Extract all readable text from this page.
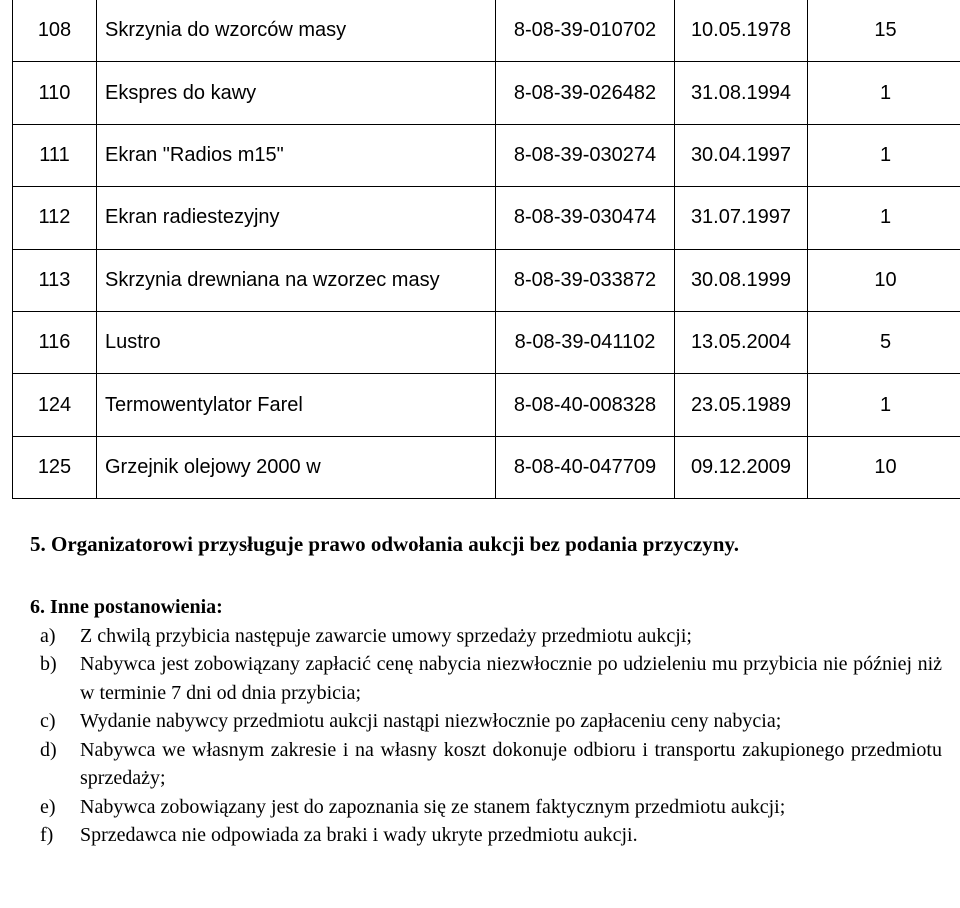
108	Skrzynia do wzorców masy	8-08-39-010702	10.05.1978	15
110	Ekspres do kawy	8-08-39-026482	31.08.1994	1
111	Ekran "Radios m15"	8-08-39-030274	30.04.1997	1
112	Ekran radiestezyjny	8-08-39-030474	31.07.1997	1
113	Skrzynia drewniana na wzorzec masy	8-08-39-033872	30.08.1999	10
116	Lustro	8-08-39-041102	13.05.2004	5
124	Termowentylator Farel	8-08-40-008328	23.05.1989	1
125	Grzejnik olejowy 2000 w	8-08-40-047709	09.12.2009	10

5. Organizatorowi przysługuje prawo odwołania aukcji bez podania przyczyny.

6. Inne postanowienia:

a)	Z chwilą przybicia następuje zawarcie umowy sprzedaży przedmiotu aukcji;
b)	Nabywca jest zobowiązany zapłacić cenę nabycia niezwłocznie po udzieleniu mu przybicia nie później niż w terminie 7 dni od dnia przybicia;
c)	Wydanie nabywcy przedmiotu aukcji nastąpi niezwłocznie po zapłaceniu ceny nabycia;
d)	Nabywca we własnym zakresie i na własny koszt dokonuje odbioru i transportu zakupionego przedmiotu sprzedaży;
e)	Nabywca zobowiązany jest do zapoznania się ze stanem faktycznym przedmiotu aukcji;
f)	Sprzedawca nie odpowiada za braki i wady ukryte przedmiotu aukcji.
